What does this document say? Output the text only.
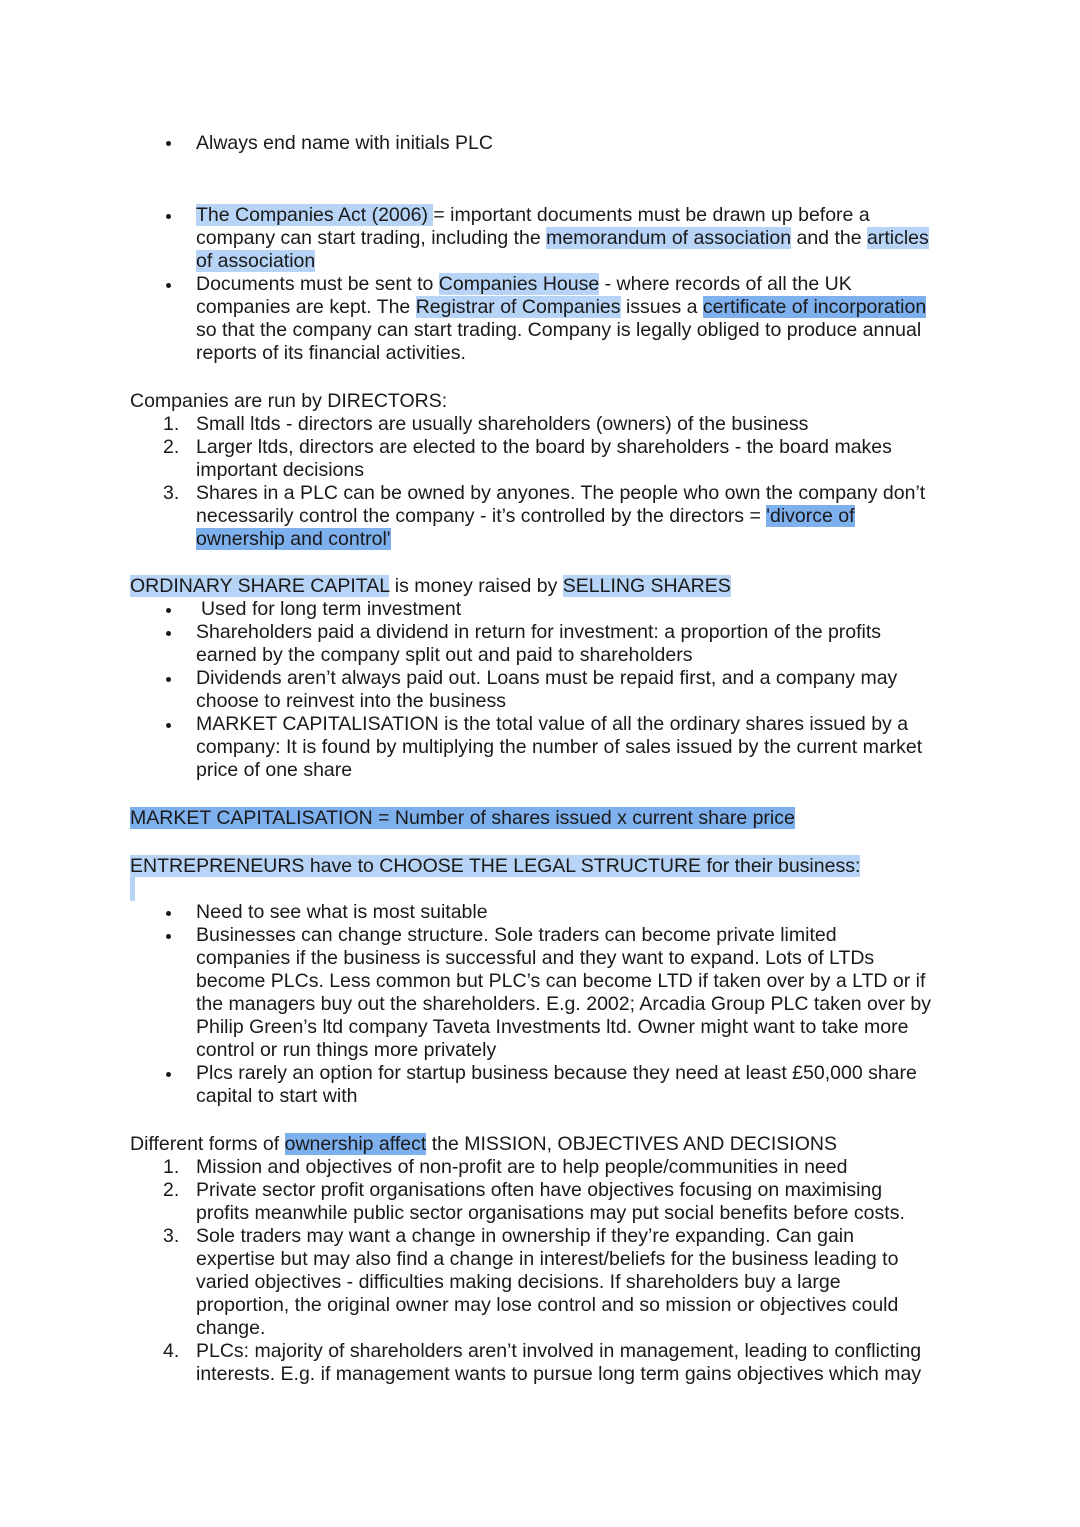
Always end name with initials PLC
The Companies Act (2006) = important documents must be drawn up before a
company can start trading, including the memorandum of association and the articles
of association
Documents must be sent to Companies House - where records of all the UK
companies are kept. The Registrar of Companies issues a certificate of incorporation
so that the company can start trading. Company is legally obliged to produce annual
reports of its financial activities.
Companies are run by DIRECTORS:
1. Small ltds - directors are usually shareholders (owners) of the business
2. Larger ltds, directors are elected to the board by shareholders - the board makes
important decisions
3. Shares in a PLC can be owned by anyones. The people who own the company don’t
necessarily control the company - it’s controlled by the directors = 'divorce of
ownership and control'
ORDINARY SHARE CAPITAL is money raised by SELLING SHARES
Used for long term investment
Shareholders paid a dividend in return for investment: a proportion of the profits
earned by the company split out and paid to shareholders
Dividends aren’t always paid out. Loans must be repaid first, and a company may
choose to reinvest into the business
MARKET CAPITALISATION is the total value of all the ordinary shares issued by a
company: It is found by multiplying the number of sales issued by the current market
price of one share
MARKET CAPITALISATION = Number of shares issued x current share price
ENTREPRENEURS have to CHOOSE THE LEGAL STRUCTURE for their business:
Need to see what is most suitable
Businesses can change structure. Sole traders can become private limited
companies if the business is successful and they want to expand. Lots of LTDs
become PLCs. Less common but PLC’s can become LTD if taken over by a LTD or if
the managers buy out the shareholders. E.g. 2002; Arcadia Group PLC taken over by
Philip Green’s ltd company Taveta Investments ltd. Owner might want to take more
control or run things more privately
Plcs rarely an option for startup business because they need at least £50,000 share
capital to start with
Different forms of ownership affect the MISSION, OBJECTIVES AND DECISIONS
1. Mission and objectives of non-profit are to help people/communities in need
2. Private sector profit organisations often have objectives focusing on maximising
profits meanwhile public sector organisations may put social benefits before costs.
3. Sole traders may want a change in ownership if they’re expanding. Can gain
expertise but may also find a change in interest/beliefs for the business leading to
varied objectives - difficulties making decisions. If shareholders buy a large
proportion, the original owner may lose control and so mission or objectives could
change.
4. PLCs: majority of shareholders aren’t involved in management, leading to conflicting
interests. E.g. if management wants to pursue long term gains objectives which may
